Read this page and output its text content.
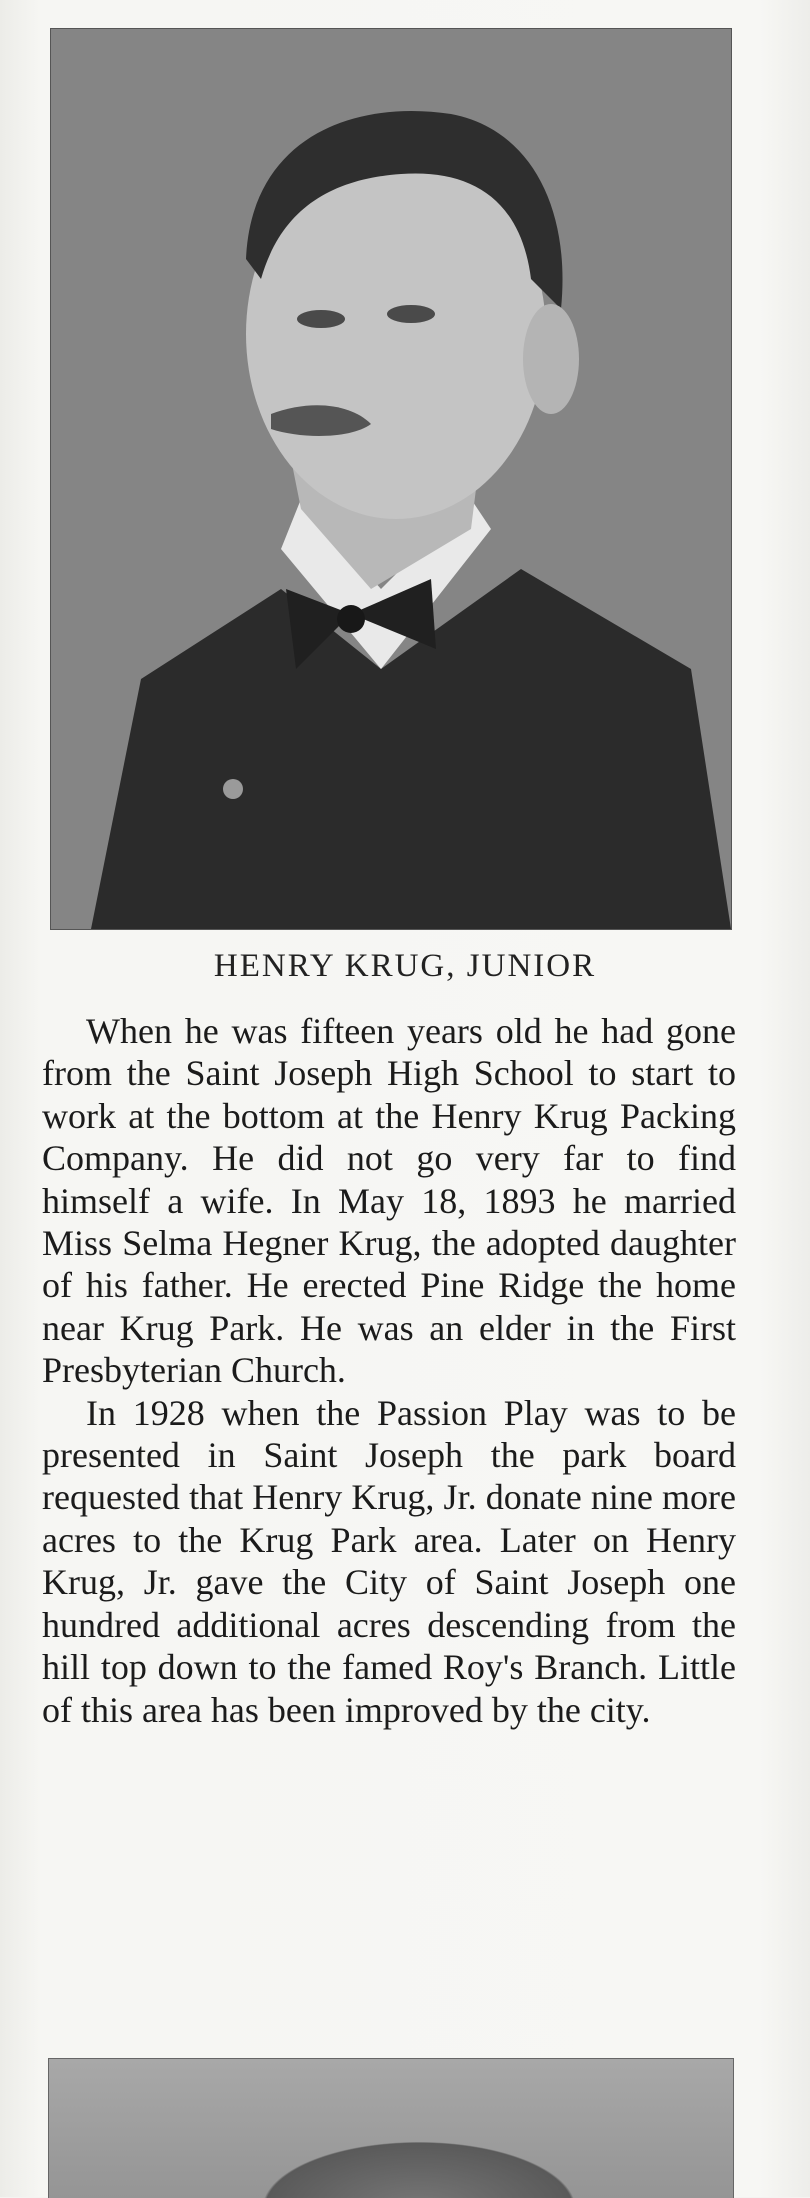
HENRY KRUG, JUNIOR

When he was fifteen years old he had gone from the Saint Joseph High School to start to work at the bottom at the Henry Krug Packing Company. He did not go very far to find himself a wife. In May 18, 1893 he married Miss Selma Hegner Krug, the adopted daughter of his father. He erected Pine Ridge the home near Krug Park. He was an elder in the First Presbyterian Church.

In 1928 when the Passion Play was to be presented in Saint Joseph the park board requested that Henry Krug, Jr. donate nine more acres to the Krug Park area. Later on Henry Krug, Jr. gave the City of Saint Joseph one hundred additional acres descending from the hill top down to the famed Roy's Branch. Little of this area has been improved by the city.
